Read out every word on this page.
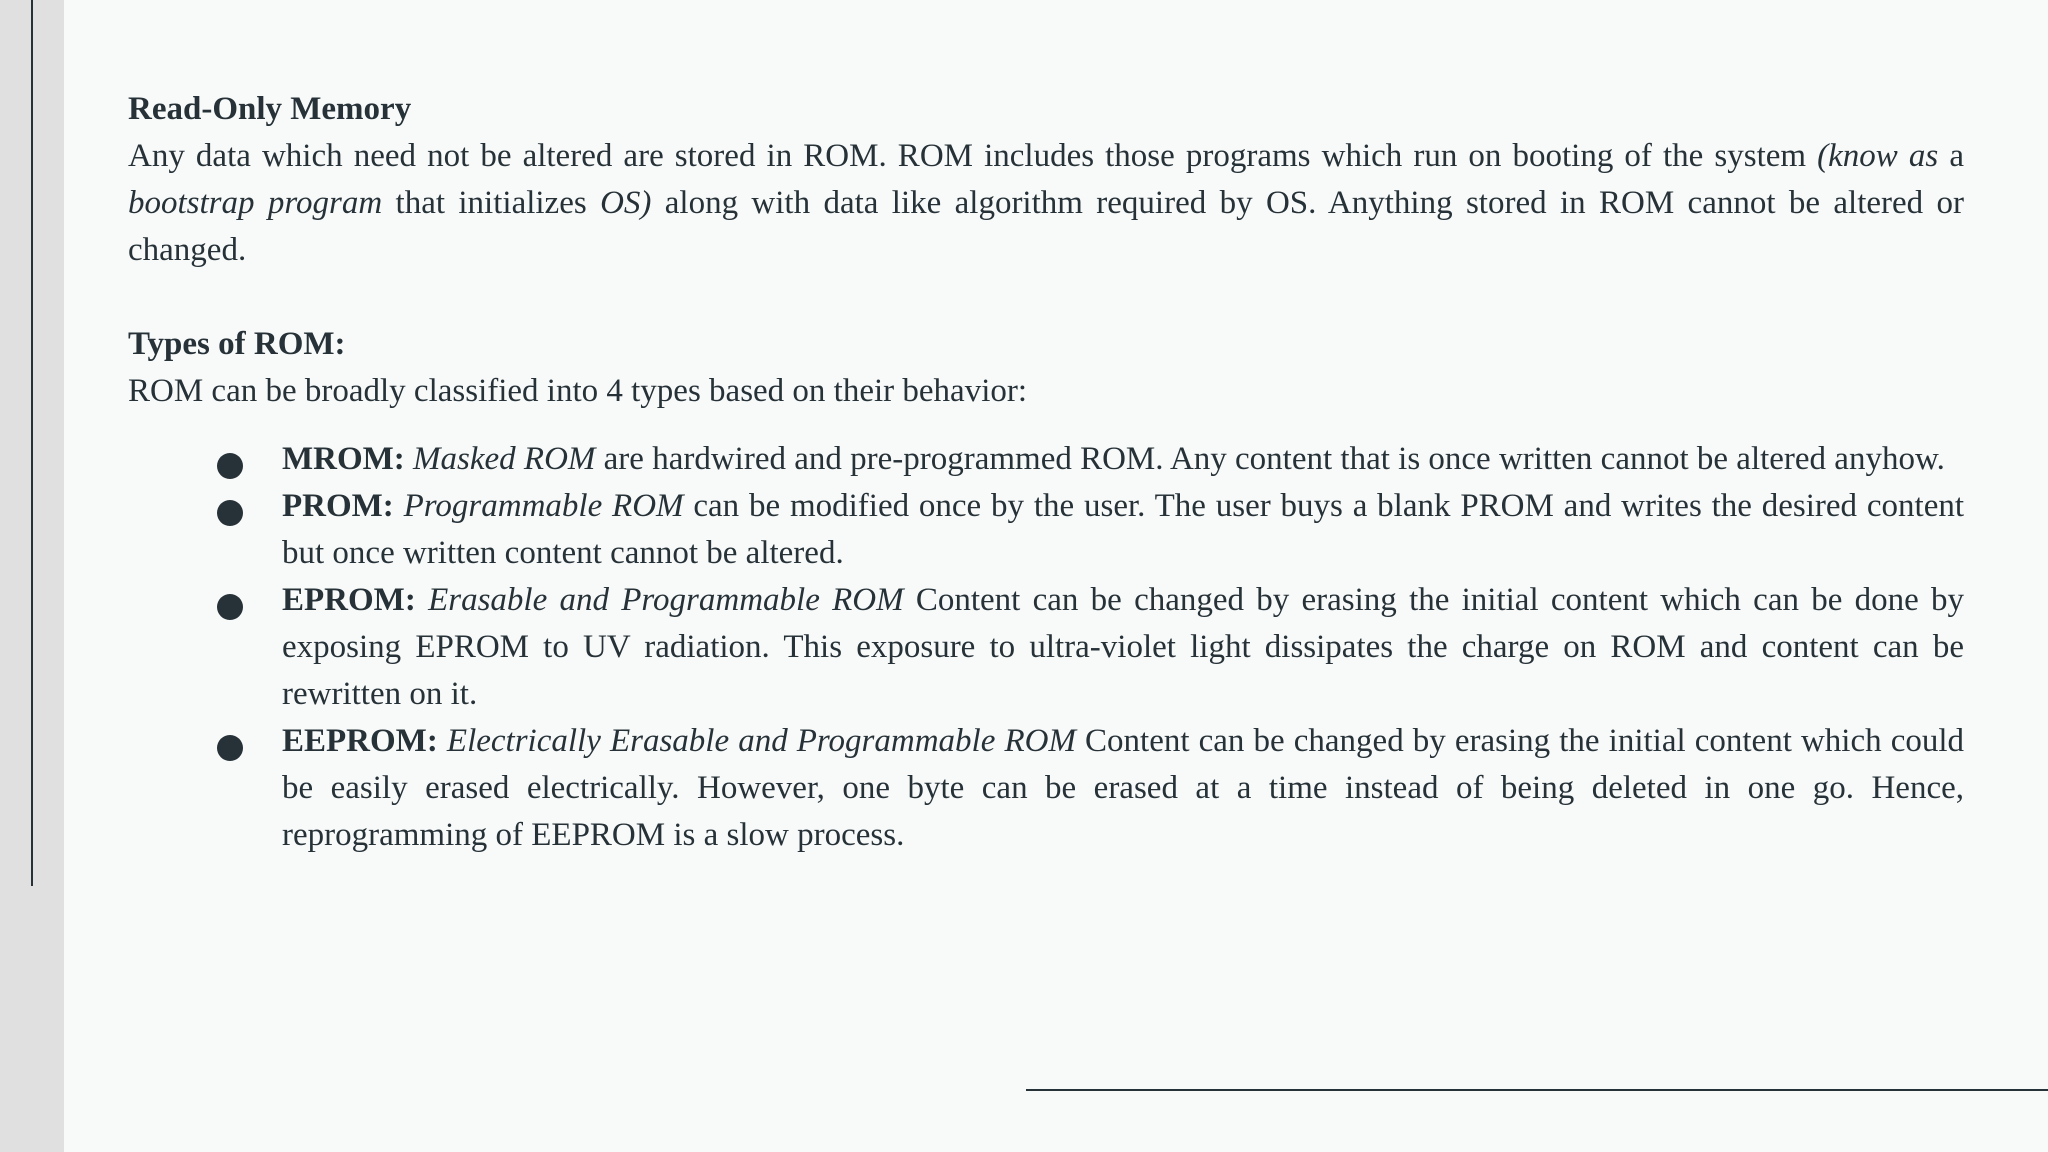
Read-Only Memory

Any data which need not be altered are stored in ROM. ROM includes those programs which run on booting of the system (know as a bootstrap program that initializes OS) along with data like algorithm required by OS. Anything stored in ROM cannot be altered or changed.

Types of ROM:
ROM can be broadly classified into 4 types based on their behavior:
MROM: Masked ROM are hardwired and pre-programmed ROM. Any content that is once written cannot be altered anyhow.
PROM: Programmable ROM can be modified once by the user. The user buys a blank PROM and writes the desired content but once written content cannot be altered.
EPROM: Erasable and Programmable ROM Content can be changed by erasing the initial content which can be done by exposing EPROM to UV radiation. This exposure to ultra-violet light dissipates the charge on ROM and content can be rewritten on it.
EEPROM: Electrically Erasable and Programmable ROM Content can be changed by erasing the initial content which could be easily erased electrically. However, one byte can be erased at a time instead of being deleted in one go. Hence, reprogramming of EEPROM is a slow process.
